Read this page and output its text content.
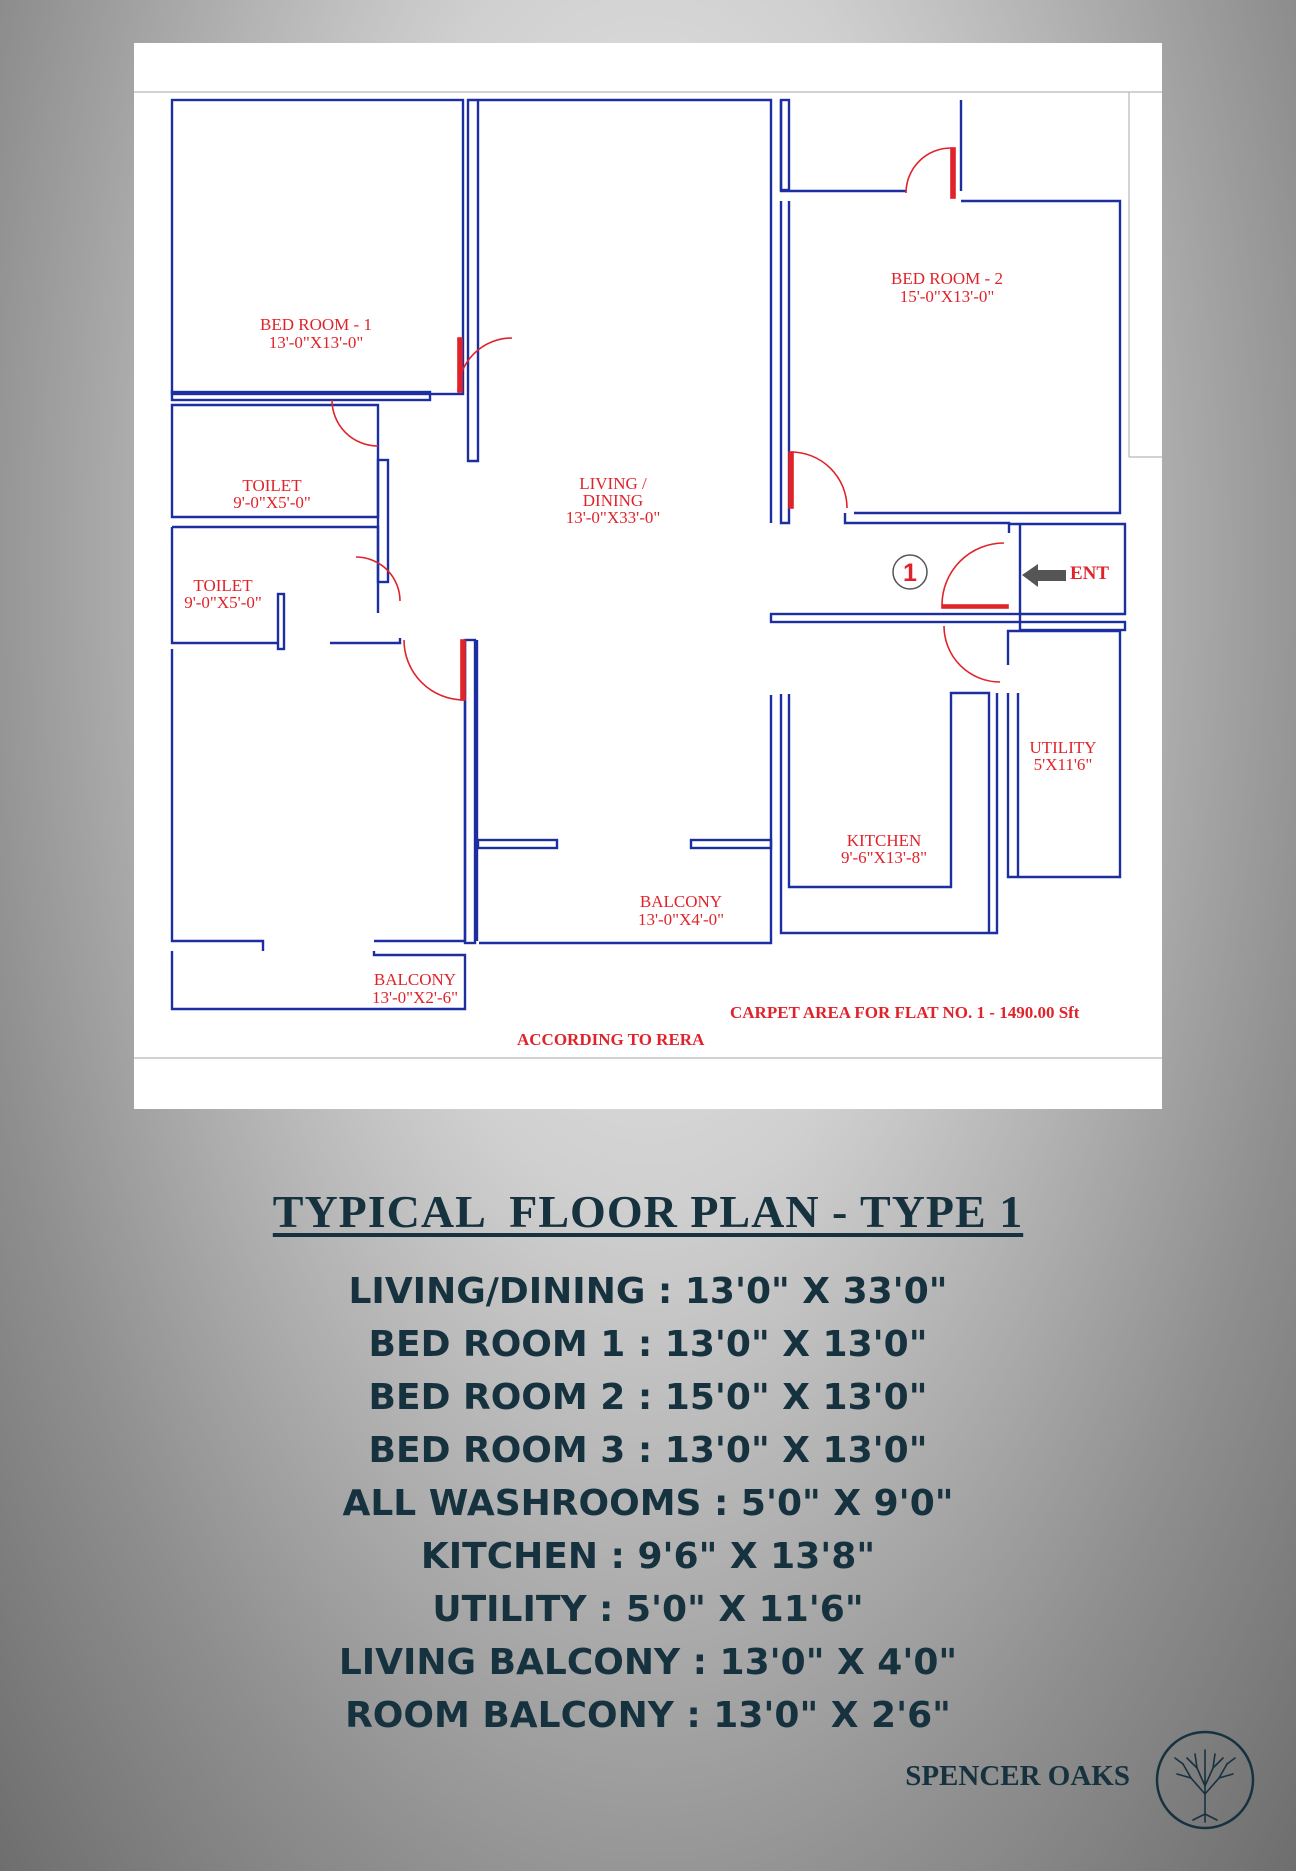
BED ROOM - 1
13'-0"X13'-0"
TOILET
9'-0"X5'-0"
TOILET
9'-0"X5'-0"
LIVING /
DINING
13'-0"X33'-0"
BED ROOM - 2
15'-0"X13'-0"
UTILITY
5'X11'6"
KITCHEN
9'-6"X13'-8"
BALCONY
13'-0"X4'-0"
BALCONY
13'-0"X2'-6"
1	ENT
CARPET AREA FOR FLAT NO. 1 - 1490.00 Sft
ACCORDING TO RERA
TYPICAL  FLOOR PLAN - TYPE 1
LIVING/DINING : 13'0" X 33'0"
BED ROOM 1 : 13'0" X 13'0"
BED ROOM 2 : 15'0" X 13'0"
BED ROOM 3 : 13'0" X 13'0"
ALL WASHROOMS : 5'0" X 9'0"
KITCHEN : 9'6" X 13'8"
UTILITY : 5'0" X 11'6"
LIVING BALCONY : 13'0" X 4'0"
ROOM BALCONY : 13'0" X 2'6"
SPENCER OAKS
